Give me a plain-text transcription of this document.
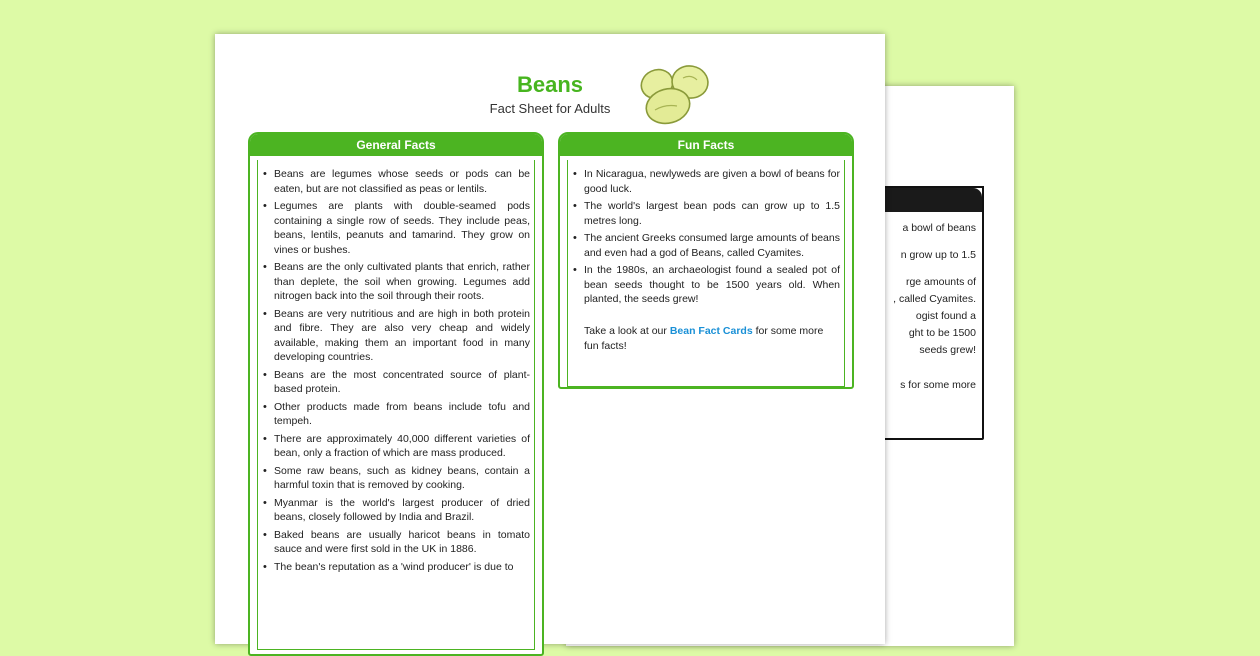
a bowl of beans
n grow up to 1.5
rge amounts of
, called Cyamites.
ogist found a
ght to be 1500
seeds grew!
s for some more
Beans
Fact Sheet for Adults
General Facts
• Beans are legumes whose seeds or pods can be eaten, but are not classified as peas or lentils.
• Legumes are plants with double-seamed pods containing a single row of seeds. They include peas, beans, lentils, peanuts and tamarind. They grow on vines or bushes.
• Beans are the only cultivated plants that enrich, rather than deplete, the soil when growing. Legumes add nitrogen back into the soil through their roots.
• Beans are very nutritious and are high in both protein and fibre. They are also very cheap and widely available, making them an important food in many developing countries.
• Beans are the most concentrated source of plant-based protein.
• Other products made from beans include tofu and tempeh.
• There are approximately 40,000 different varieties of bean, only a fraction of which are mass produced.
• Some raw beans, such as kidney beans, contain a harmful toxin that is removed by cooking.
• Myanmar is the world's largest producer of dried beans, closely followed by India and Brazil.
• Baked beans are usually haricot beans in tomato sauce and were first sold in the UK in 1886.
• The bean's reputation as a 'wind producer' is due to
Fun Facts
• In Nicaragua, newlyweds are given a bowl of beans for good luck.
• The world's largest bean pods can grow up to 1.5 metres long.
• The ancient Greeks consumed large amounts of beans and even had a god of Beans, called Cyamites.
• In the 1980s, an archaeologist found a sealed pot of bean seeds thought to be 1500 years old. When planted, the seeds grew!
Take a look at our Bean Fact Cards for some more fun facts!
